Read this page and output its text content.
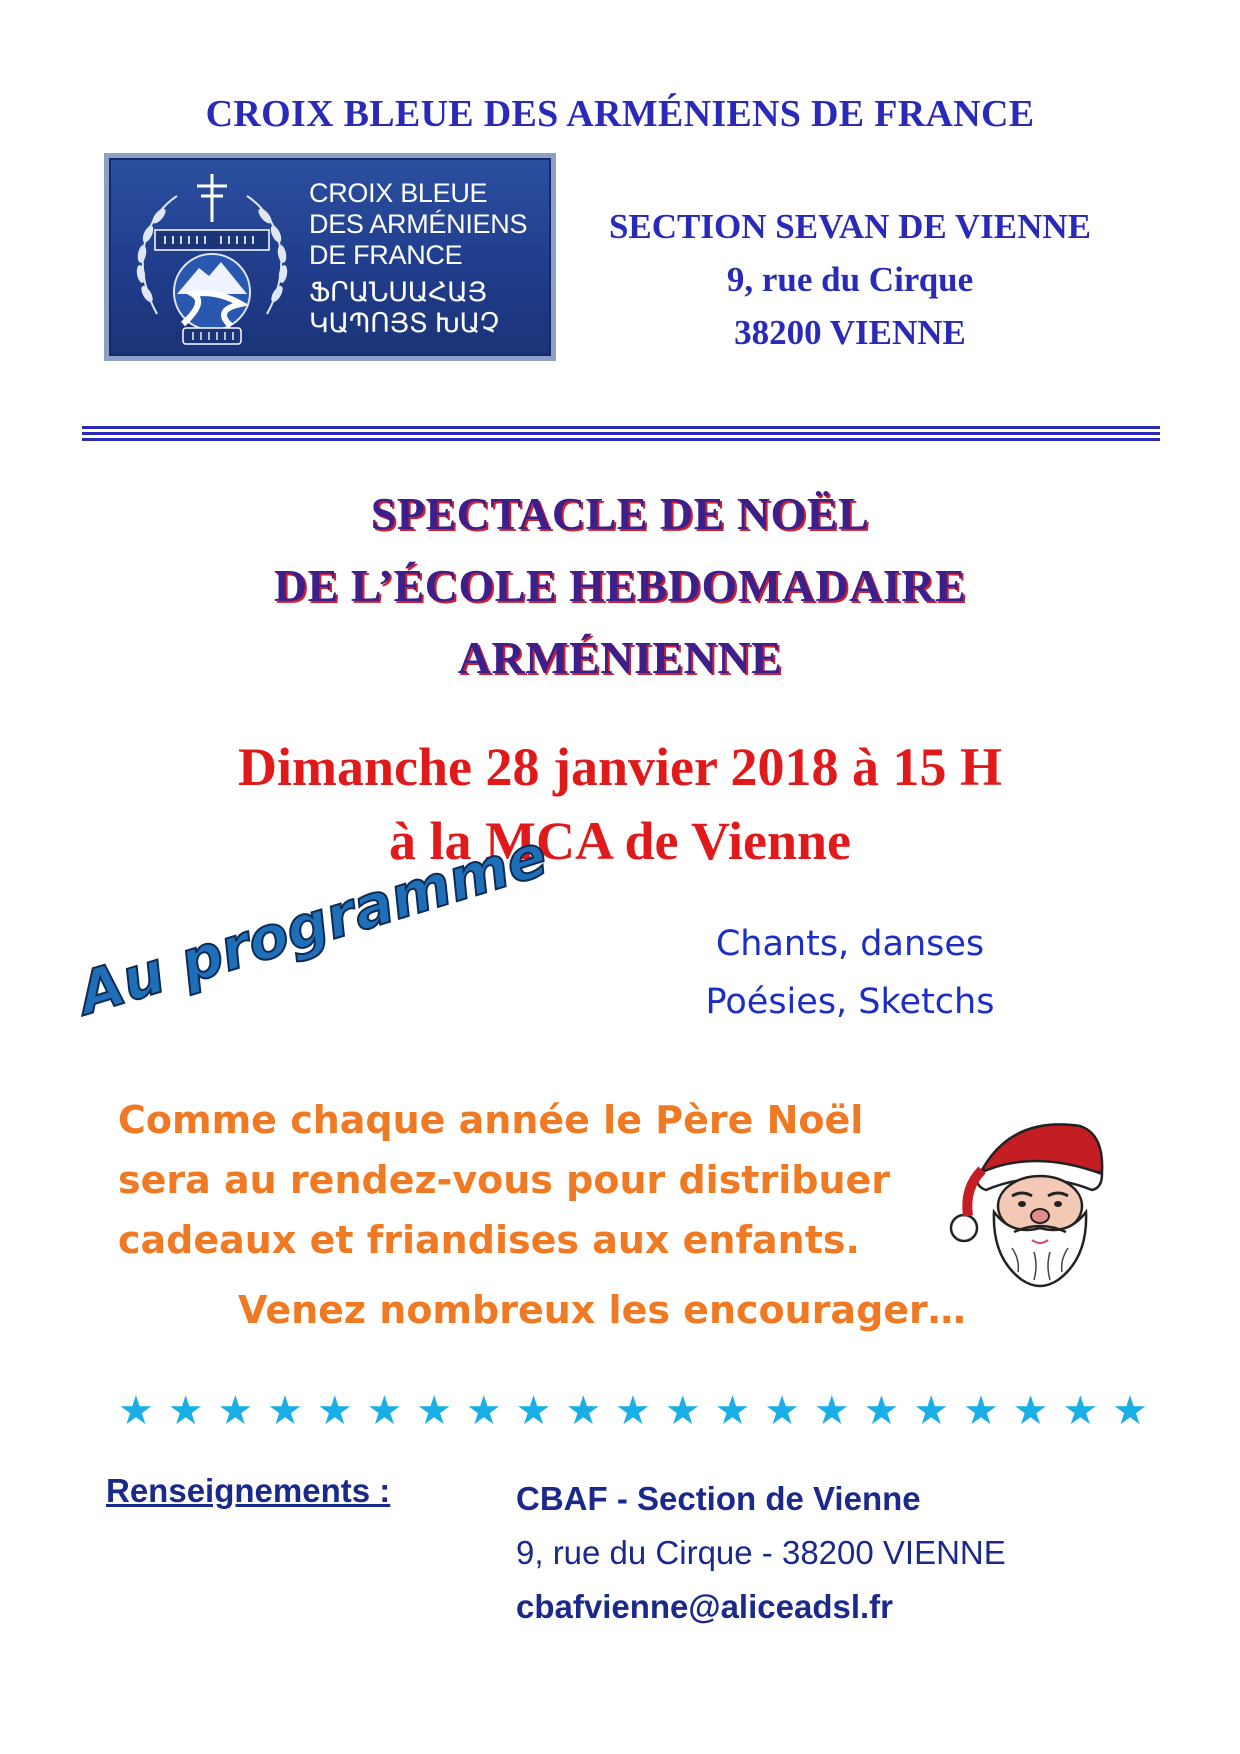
CROIX BLEUE DES ARMÉNIENS DE FRANCE
CROIX BLEUE
DES ARMÉNIENS
DE FRANCE
ՖՐԱՆՍԱՀԱՅ
ԿԱՊՈՅՏ ԽԱՉ
SECTION SEVAN DE VIENNE
9, rue du Cirque
38200 VIENNE
SPECTACLE DE NOËL
DE L’ÉCOLE HEBDOMADAIRE
ARMÉNIENNE
Dimanche 28 janvier 2018 à 15 H
à la MCA de Vienne
Au programme	Chants, danses
Poésies, Sketchs
Comme chaque année le Père Noël
sera au rendez-vous pour distribuer
cadeaux et friandises aux enfants.
Venez nombreux les encourager…
★ ★ ★ ★ ★ ★ ★ ★ ★ ★ ★ ★ ★ ★ ★ ★ ★ ★ ★ ★ ★
Renseignements :	CBAF - Section de Vienne
9, rue du Cirque - 38200 VIENNE
cbafvienne@aliceadsl.fr
